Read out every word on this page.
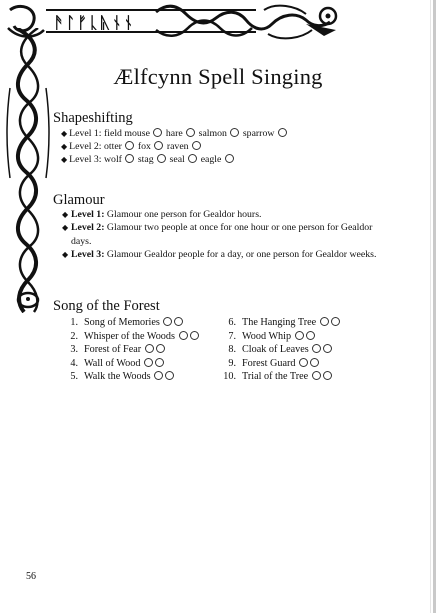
ᚫᛚᚠᚳᚣᚾᚾ
Ælfcynn Spell Singing
Shapeshifting
◆ Level 1: field mouse hare salmon sparrow
◆ Level 2: otter fox raven
◆ Level 3: wolf stag seal eagle
Glamour
◆ Level 1: Glamour one person for Gealdor hours.
◆ Level 2: Glamour two people at once for one hour or one person for Gealdor days.
◆ Level 3: Glamour Gealdor people for a day, or one person for Gealdor weeks.
Song of the Forest
1. Song of Memories
2. Whisper of the Woods
3. Forest of Fear
4. Wall of Wood
5. Walk the Woods
6. The Hanging Tree
7. Wood Whip
8. Cloak of Leaves
9. Forest Guard
10. Trial of the Tree
56
